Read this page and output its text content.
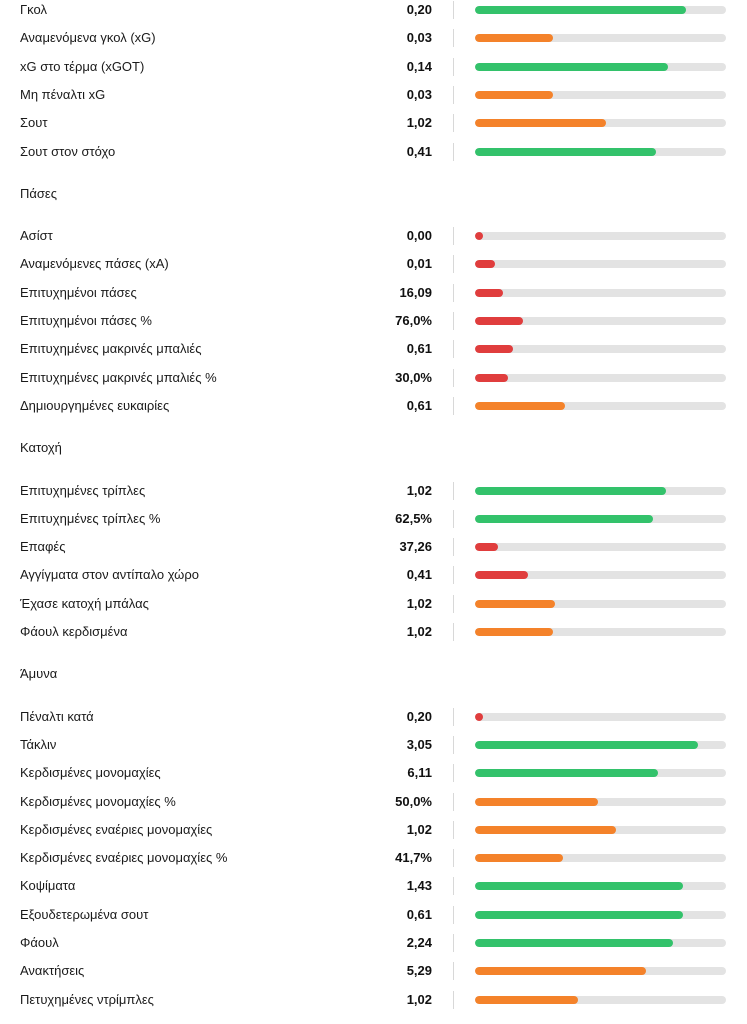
Γκολ	0,20
Αναμενόμενα γκολ (xG)	0,03
xG στο τέρμα (xGOT)	0,14
Μη πέναλτι xG	0,03
Σουτ	1,02
Σουτ στον στόχο	0,41
Πάσες
Ασίστ	0,00
Αναμενόμενες πάσες (xA)	0,01
Επιτυχημένοι πάσες	16,09
Επιτυχημένοι πάσες %	76,0%
Επιτυχημένες μακρινές μπαλιές	0,61
Επιτυχημένες μακρινές μπαλιές %	30,0%
Δημιουργημένες ευκαιρίες	0,61
Κατοχή
Επιτυχημένες τρίπλες	1,02
Επιτυχημένες τρίπλες %	62,5%
Επαφές	37,26
Αγγίγματα στον αντίπαλο χώρο	0,41
Έχασε κατοχή μπάλας	1,02
Φάουλ κερδισμένα	1,02
Άμυνα
Πέναλτι κατά	0,20
Τάκλιν	3,05
Κερδισμένες μονομαχίες	6,11
Κερδισμένες μονομαχίες %	50,0%
Κερδισμένες εναέριες μονομαχίες	1,02
Κερδισμένες εναέριες μονομαχίες %	41,7%
Κοψίματα	1,43
Εξουδετερωμένα σουτ	0,61
Φάουλ	2,24
Ανακτήσεις	5,29
Πετυχημένες ντρίμπλες	1,02
